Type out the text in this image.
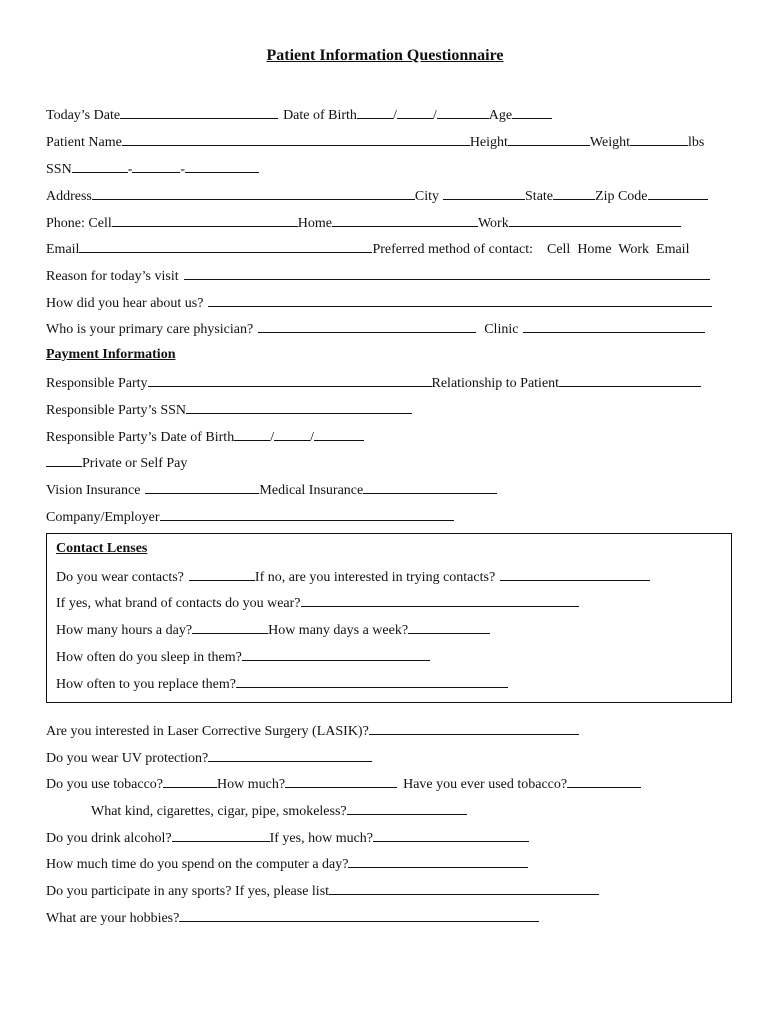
Patient Information Questionnaire
Today’s Date	Date of Birth	/	/	Age
Patient Name	Height	Weight	lbs
SSN	-	-
Address	City	State	Zip Code
Phone: Cell	Home	Work
Email	Preferred method of contact: Cell  Home  Work  Email
Reason for today’s visit
How did you hear about us?
Who is your primary care physician?	Clinic
Payment Information
Responsible Party	Relationship to Patient
Responsible Party’s SSN
Responsible Party’s Date of Birth	/	/
Private or Self Pay
Vision Insurance	Medical Insurance
Company/Employer
Contact Lenses
Do you wear contacts?	If no, are you interested in trying contacts?
If yes, what brand of contacts do you wear?
How many hours a day?	How many days a week?
How often do you sleep in them?
How often to you replace them?
Are you interested in Laser Corrective Surgery (LASIK)?
Do you wear UV protection?
Do you use tobacco?	How much?	Have you ever used tobacco?
What kind, cigarettes, cigar, pipe, smokeless?
Do you drink alcohol?	If yes, how much?
How much time do you spend on the computer a day?
Do you participate in any sports? If yes, please list
What are your hobbies?
